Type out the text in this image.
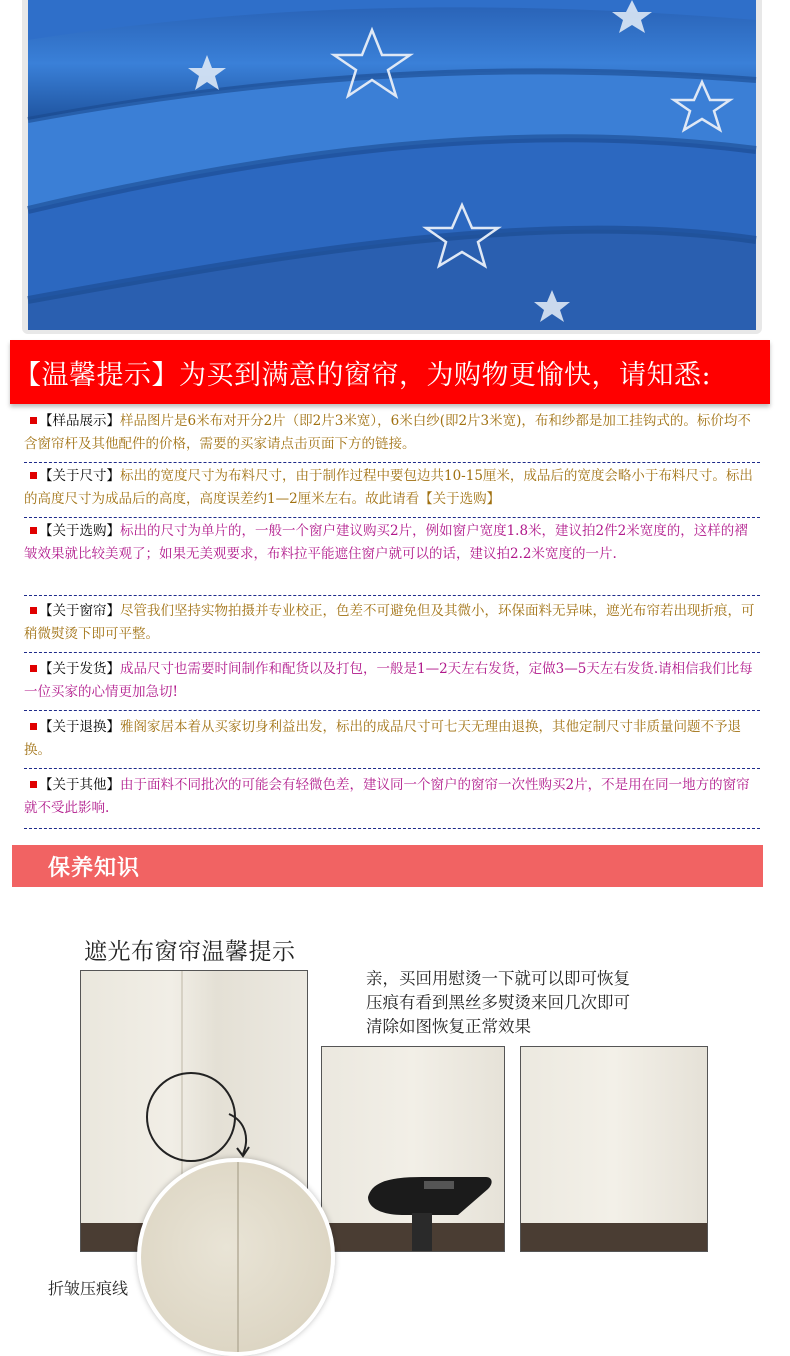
【温馨提示】为买到满意的窗帘，为购物更愉快，请知悉:
【样品展示】样品图片是6米布对开分2片（即2片3米宽），6米白纱(即2片3米宽)，布和纱都是加工挂钩式的。标价均不含窗帘杆及其他配件的价格，需要的买家请点击页面下方的链接。
【关于尺寸】标出的宽度尺寸为布料尺寸，由于制作过程中要包边共10-15厘米，成品后的宽度会略小于布料尺寸。标出的高度尺寸为成品后的高度，高度误差约1—2厘米左右。故此请看【关于选购】
【关于选购】标出的尺寸为单片的，一般一个窗户建议购买2片，例如窗户宽度1.8米，建议拍2件2米宽度的，这样的褶皱效果就比较美观了；如果无美观要求，布料拉平能遮住窗户就可以的话，建议拍2.2米宽度的一片.
【关于窗帘】尽管我们坚持实物拍摄并专业校正，色差不可避免但及其微小，环保面料无异味，遮光布帘若出现折痕，可稍微熨烫下即可平整。
【关于发货】成品尺寸也需要时间制作和配货以及打包，一般是1—2天左右发货，定做3—5天左右发货.请相信我们比每一位买家的心情更加急切!
【关于退换】雅阁家居本着从买家切身利益出发，标出的成品尺寸可七天无理由退换，其他定制尺寸非质量问题不予退换。
【关于其他】由于面料不同批次的可能会有轻微色差，建议同一个窗户的窗帘一次性购买2片，不是用在同一地方的窗帘就不受此影响.
保养知识
遮光布窗帘温馨提示
亲，买回用慰烫一下就可以即可恢复
压痕有看到黑丝多熨烫来回几次即可
清除如图恢复正常效果
折皱压痕线
